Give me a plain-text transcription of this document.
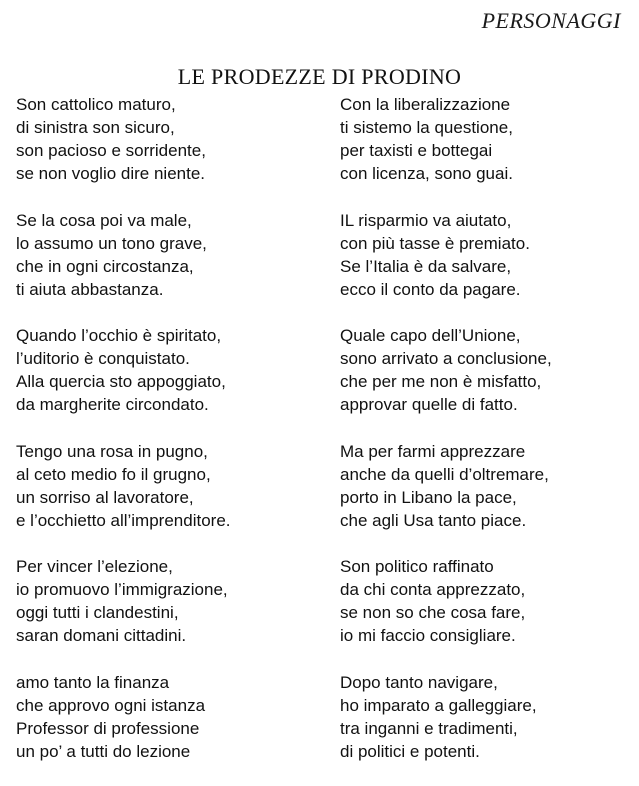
PERSONAGGI
LE PRODEZZE DI PRODINO
Son cattolico maturo,
di sinistra son sicuro,
son pacioso e sorridente,
se non voglio dire niente.
Se la cosa poi va male,
lo assumo un tono grave,
che in ogni circostanza,
ti aiuta abbastanza.
Quando l’occhio è spiritato,
l’uditorio è conquistato.
Alla quercia sto appoggiato,
da margherite circondato.
Tengo una rosa in pugno,
al ceto medio fo il grugno,
un sorriso al lavoratore,
e l’occhietto all’imprenditore.
Per vincer l’elezione,
io promuovo l’immigrazione,
oggi tutti i clandestini,
saran domani cittadini.
amo tanto la finanza
che approvo ogni istanza
Professor di professione
un po’ a tutti do lezione
Con la liberalizzazione
ti sistemo la questione,
per taxisti e bottegai
con licenza, sono guai.
IL risparmio va aiutato,
con più tasse è premiato.
Se l’Italia è da salvare,
ecco il conto da pagare.
Quale capo dell’Unione,
sono arrivato a conclusione,
che per me non è misfatto,
approvar quelle di fatto.
Ma per farmi apprezzare
anche da quelli d’oltremare,
porto in Libano la pace,
che agli Usa tanto piace.
Son politico raffinato
da chi conta apprezzato,
se non so che cosa fare,
io mi faccio consigliare.
Dopo tanto navigare,
ho imparato a galleggiare,
tra inganni e tradimenti,
di politici e potenti.
